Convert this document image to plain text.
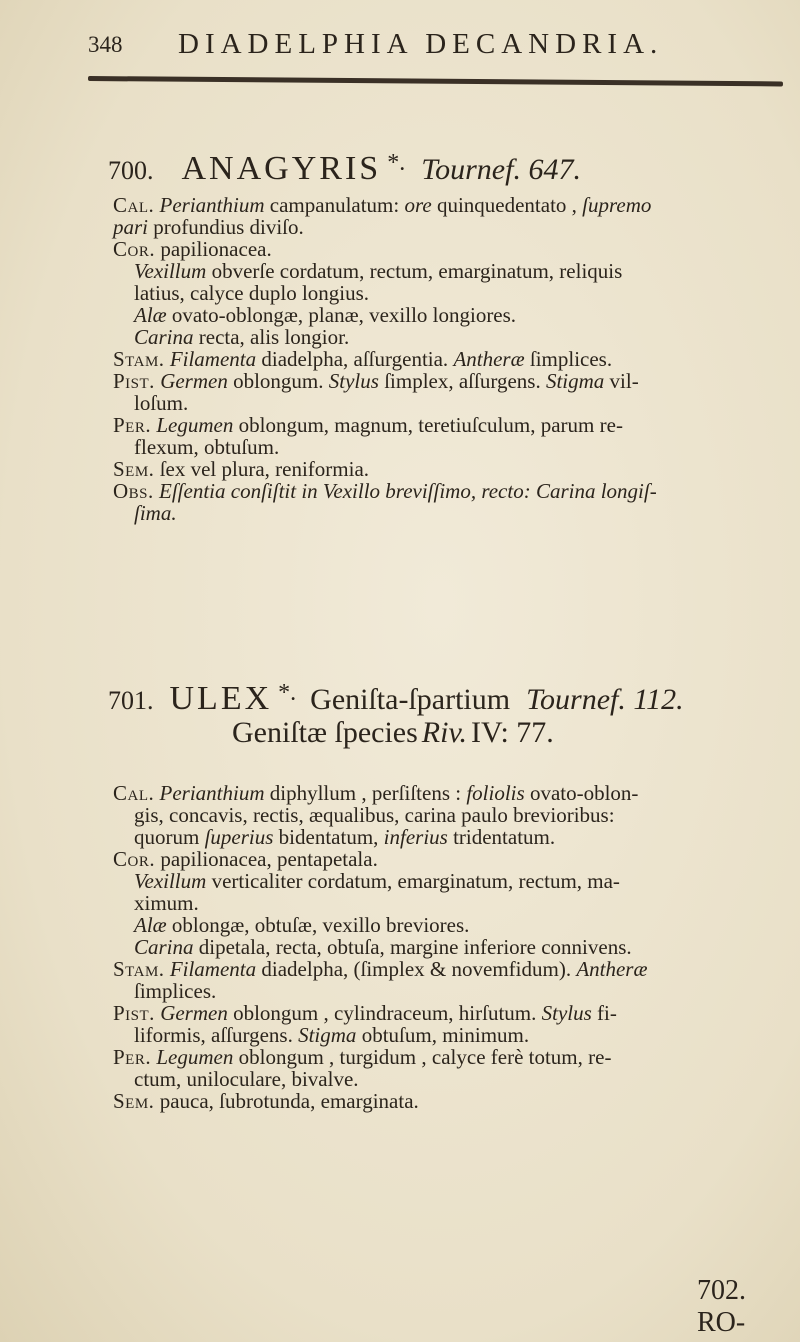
348 DIADELPHIA DECANDRIA.
700. ANAGYRIS *. Tournef. 647.
Cal. Perianthium campanulatum: ore quinquedentato , ſupremo
pari profundius diviſo.
Cor. papilionacea.
 Vexillum obverſe cordatum, rectum, emarginatum, reliquis
 latius, calyce duplo longius.
 Alæ ovato-oblongæ, planæ, vexillo longiores.
 Carina recta, alis longior.
Stam. Filamenta diadelpha, aſſurgentia. Antheræ ſimplices.
Pist. Germen oblongum. Stylus ſimplex, aſſurgens. Stigma vil-
 loſum.
Per. Legumen oblongum, magnum, teretiuſculum, parum re-
 flexum, obtuſum.
Sem. ſex vel plura, reniformia.
Obs. Eſſentia conſiſtit in Vexillo breviſſimo, recto: Carina longiſ-
 ſima.
701. ULEX *. Geniſta-ſpartium Tournef. 112.
Geniſtæ ſpecies Riv. IV: 77.
Cal. Perianthium diphyllum , perſiſtens : foliolis ovato-oblon-
 gis, concavis, rectis, æqualibus, carina paulo brevioribus:
 quorum ſuperius bidentatum, inferius tridentatum.
Cor. papilionacea, pentapetala.
 Vexillum verticaliter cordatum, emarginatum, rectum, ma-
 ximum.
 Alæ oblongæ, obtuſæ, vexillo breviores.
 Carina dipetala, recta, obtuſa, margine inferiore connivens.
Stam. Filamenta diadelpha, (ſimplex & novemfidum). Antheræ
 ſimplices.
Pist. Germen oblongum , cylindraceum, hirſutum. Stylus fi-
 liformis, aſſurgens. Stigma obtuſum, minimum.
Per. Legumen oblongum , turgidum , calyce ferè totum, re-
 ctum, uniloculare, bivalve.
Sem. pauca, ſubrotunda, emarginata.
702. RO-
